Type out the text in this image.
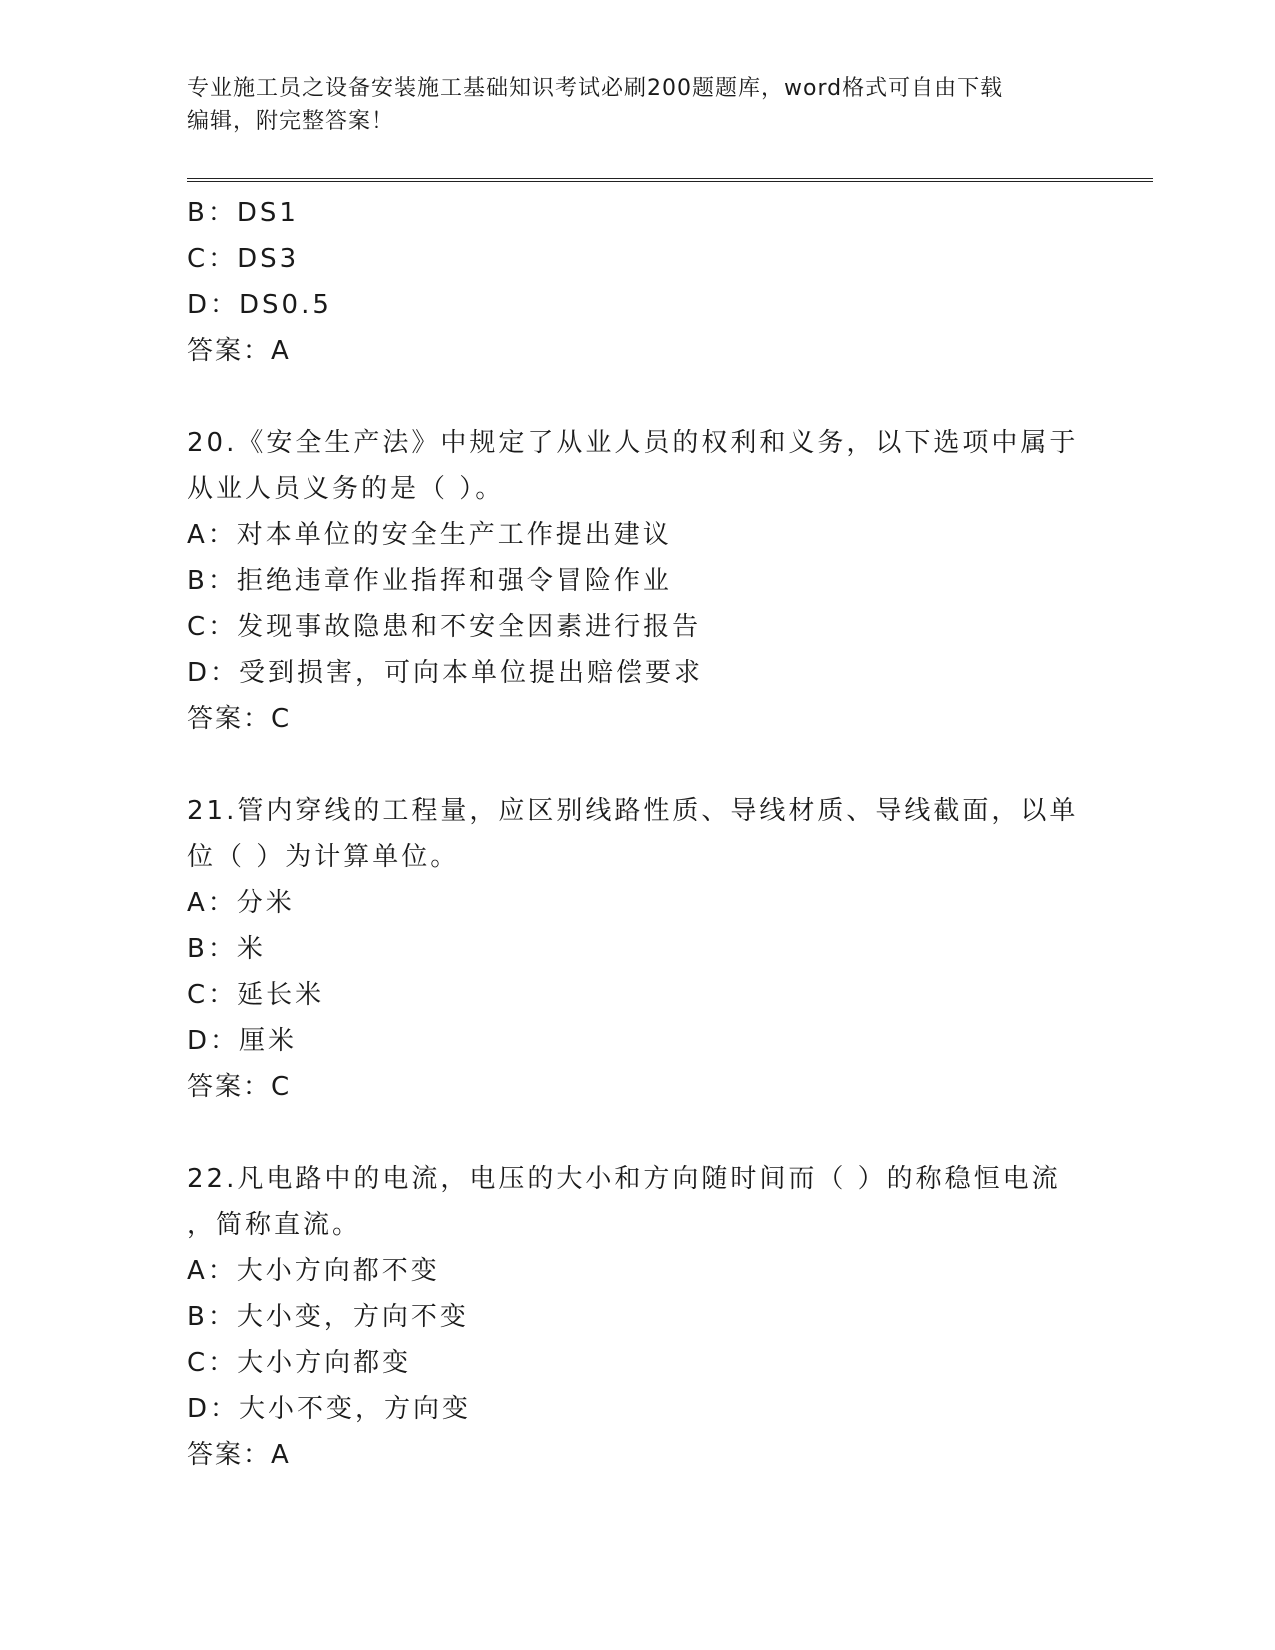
专业施工员之设备安装施工基础知识考试必刷200题题库，word格式可自由下载
编辑，附完整答案！
B：DS1
C：DS3
D：DS0.5
答案：A
20.《安全生产法》中规定了从业人员的权利和义务，以下选项中属于
从业人员义务的是（ ）。
A：对本单位的安全生产工作提出建议
B：拒绝违章作业指挥和强令冒险作业
C：发现事故隐患和不安全因素进行报告
D：受到损害，可向本单位提出赔偿要求
答案：C
21.管内穿线的工程量，应区别线路性质、导线材质、导线截面，以单
位（ ）为计算单位。
A：分米
B：米
C：延长米
D：厘米
答案：C
22.凡电路中的电流，电压的大小和方向随时间而（ ）的称稳恒电流
，简称直流。
A：大小方向都不变
B：大小变，方向不变
C：大小方向都变
D：大小不变，方向变
答案：A
